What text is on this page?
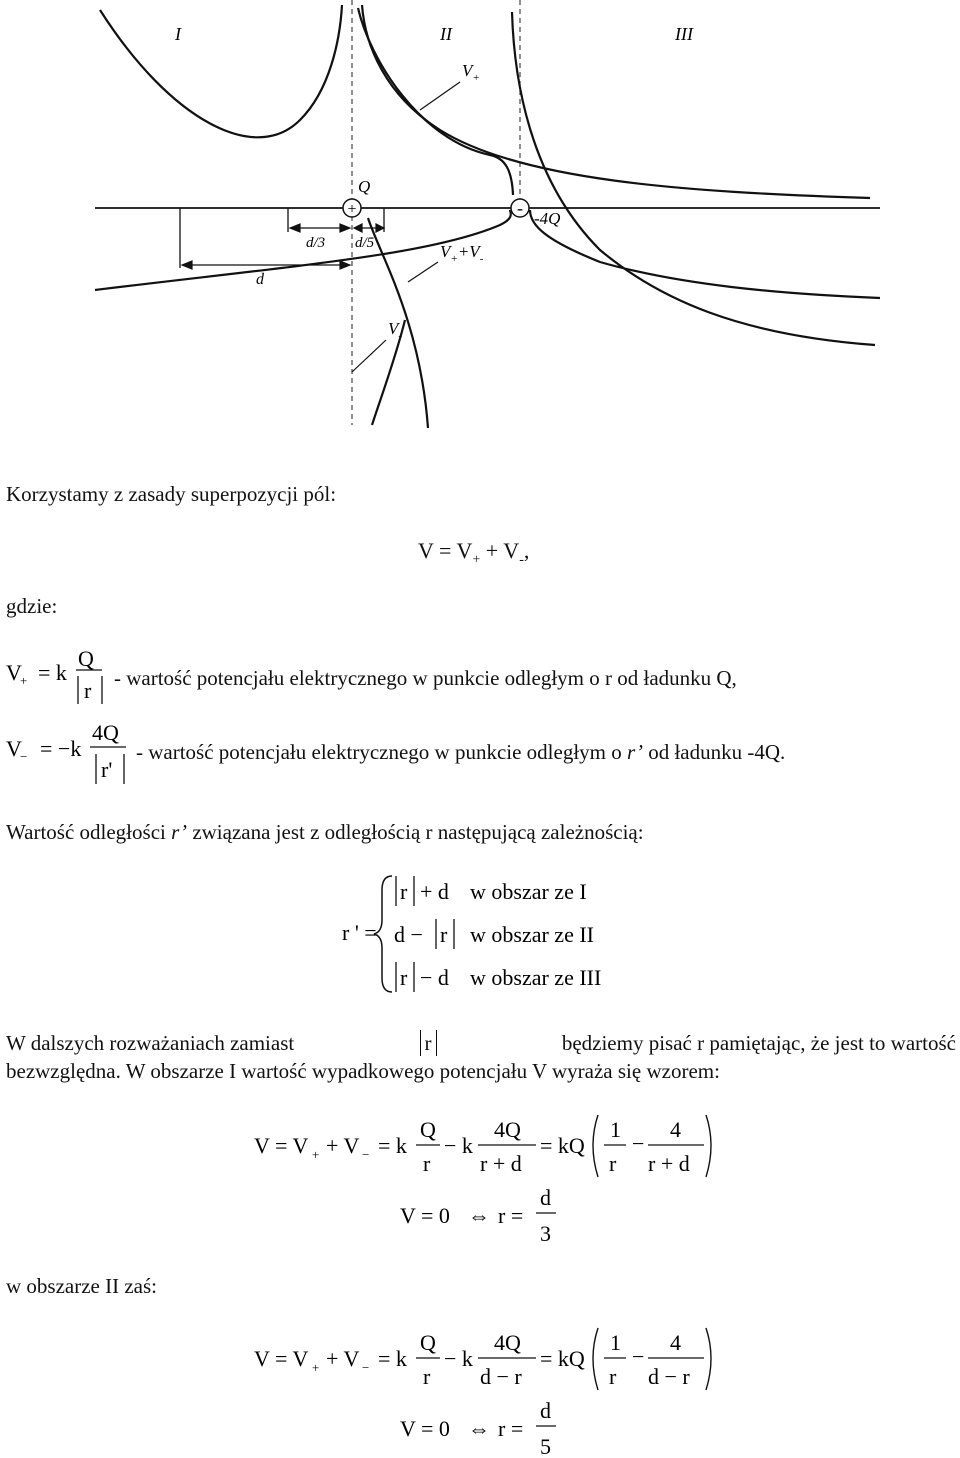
+	-
I	II	III
Q
-4Q
d/3 d/5
d
$V_+$
$V_++V_-$
$V_-$
Korzystamy z zasady superpozycji pól:
$V = V_+ + V_-$,
gdzie:
V
+ = k
Q
r - wartość potencjału elektrycznego w punkcie odległym o r od ładunku Q,
V
− = −k
4Q
r'
- wartość potencjału elektrycznego w punkcie odległym o r’ od ładunku -4Q.
Wartość odległości r’ związana jest z odległością r następującą zależnością:
r ' =
r + d w obszar ze I
d − r w obszar ze II
r − d w obszar ze III
W dalszych rozważaniach zamiast	r	będziemy pisać r pamiętając, że jest to wartość
bezwzględna. W obszarze I wartość wypadkowego potencjału V wyraża się wzorem:
V = V + + V − = k
Q
r
− k
4Q
r + d
= kQ
1
r
−
4
r + d
V = 0 ⇔ r =
d
3
w obszarze II zaś:
V = V + + V − = k
Q
r
− k
4Q
d − r
= kQ
1
r
−
4
d − r
V = 0 ⇔ r =
d
5
